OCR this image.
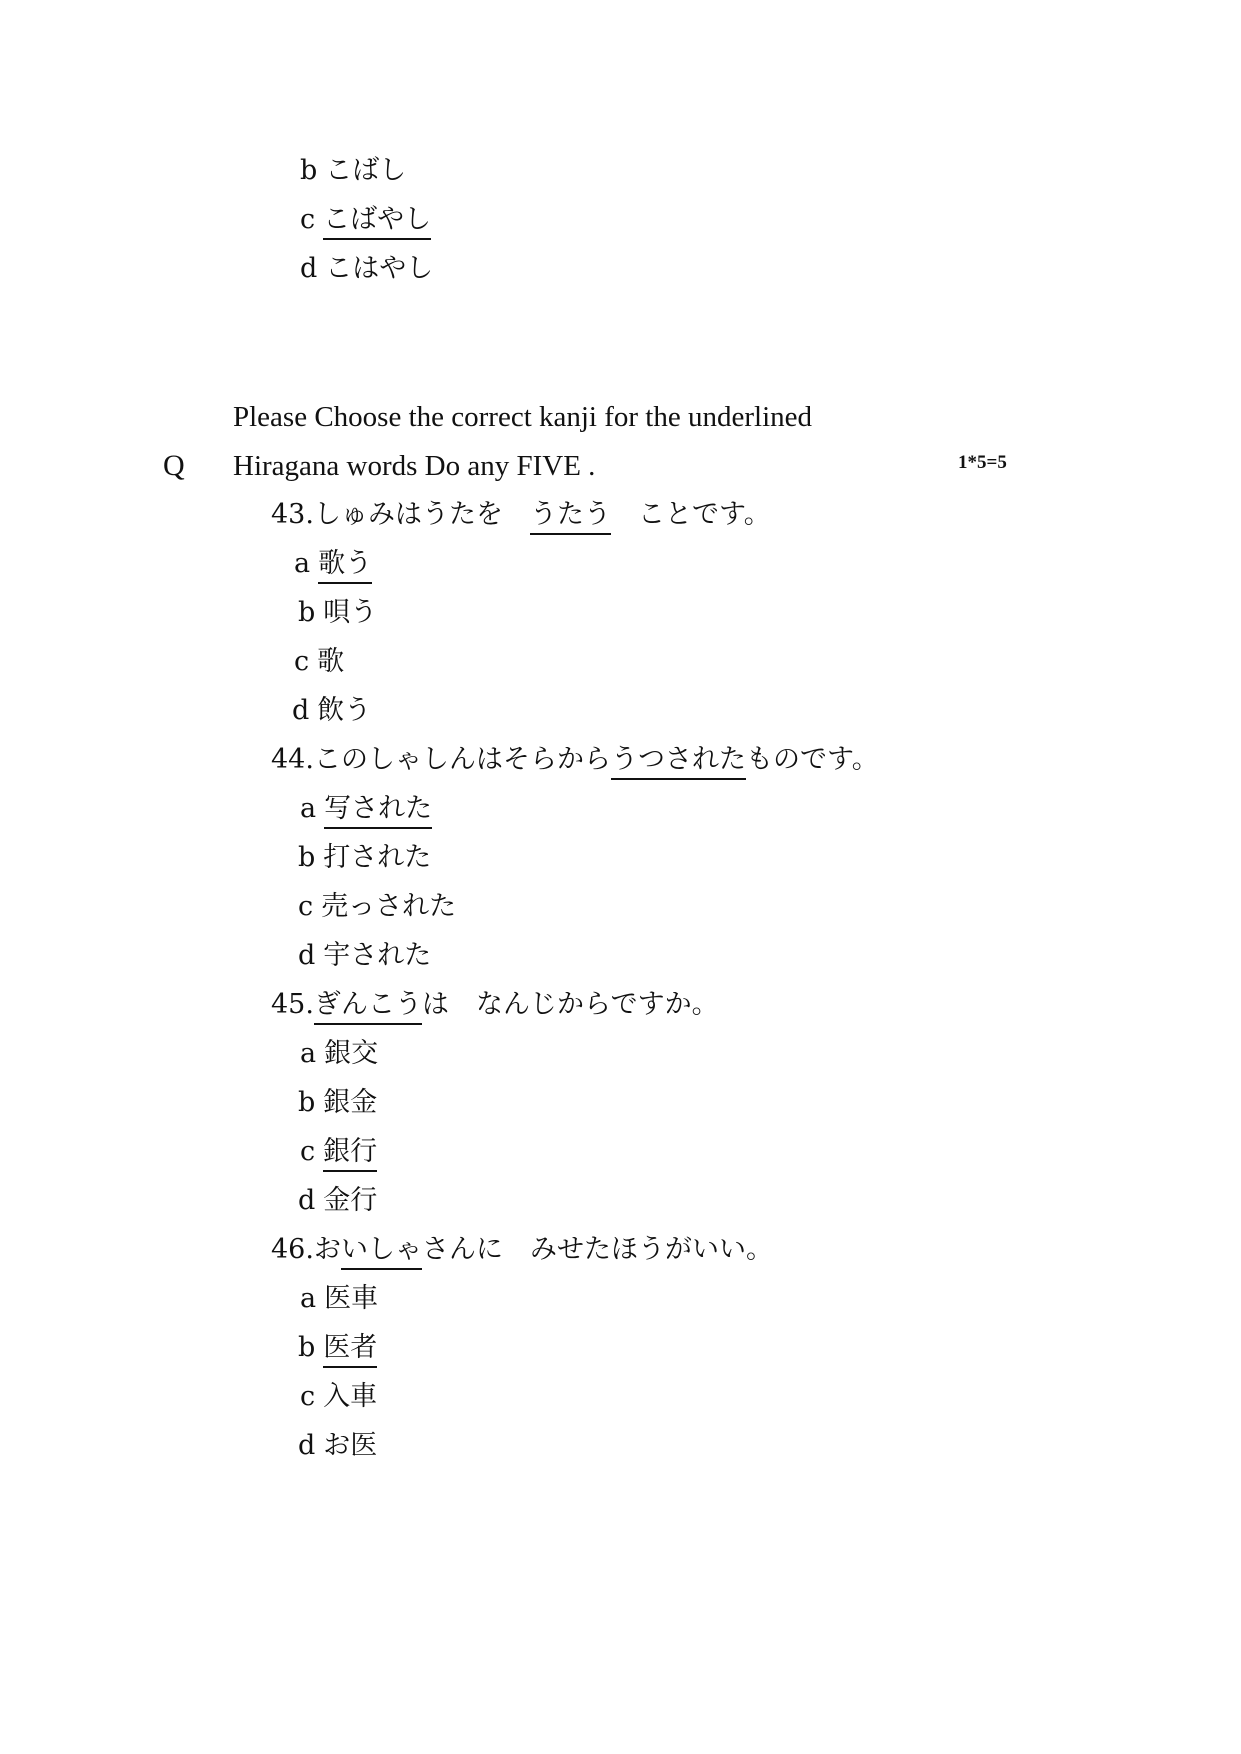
b こばし
c こばやし
d こはやし
Please Choose the correct kanji for the underlined
Q Hiragana words Do any FIVE .	1*5=5
43.しゅみはうたを　うたう　ことです。
a 歌う
b 唄う
c 歌
d 飲う
44.このしゃしんはそらからうつされたものです。
a 写された
b 打された
c 売っされた
d 宇された
45.ぎんこうは　なんじからですか。
a 銀交
b 銀金
c 銀行
d 金行
46.おいしゃさんに　みせたほうがいい。
a 医車
b 医者
c 入車
d お医
